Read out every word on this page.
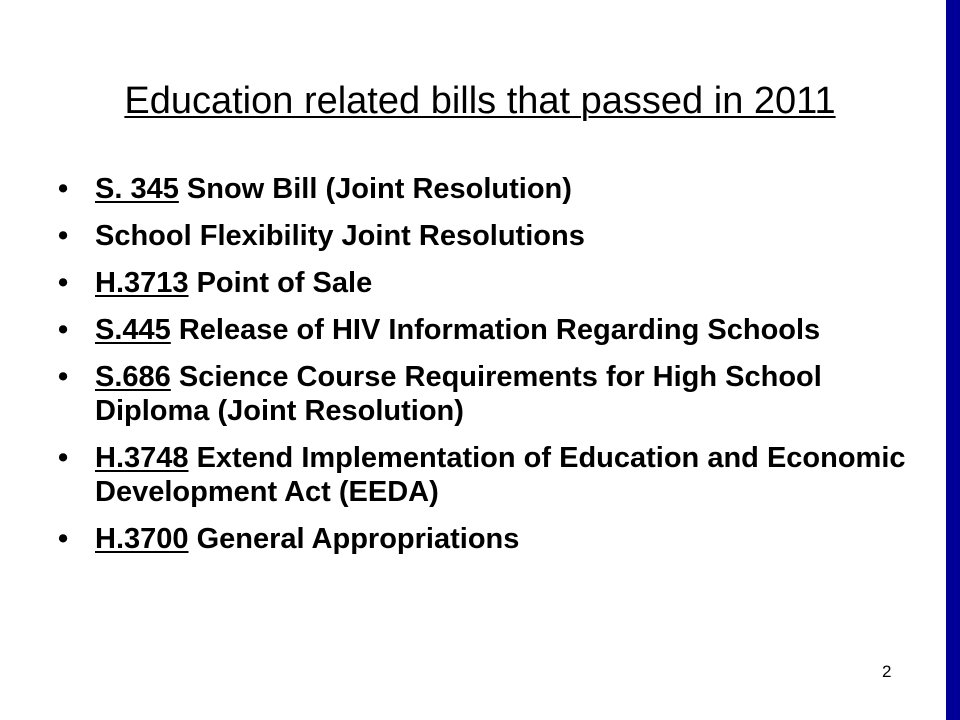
Education related bills that passed in 2011
• S. 345 Snow Bill (Joint Resolution)
• School Flexibility Joint Resolutions
• H.3713 Point of Sale
• S.445 Release of HIV Information Regarding Schools
• S.686 Science Course Requirements for High School Diploma (Joint Resolution)
• H.3748 Extend Implementation of Education and Economic Development Act (EEDA)
• H.3700 General Appropriations
2
